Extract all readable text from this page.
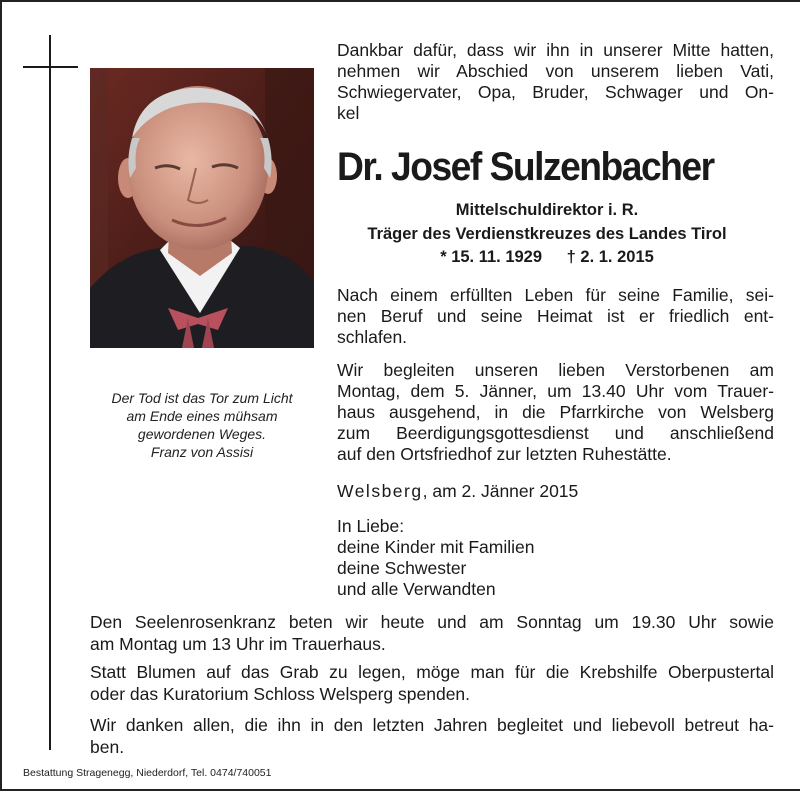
Der Tod ist das Tor zum Licht
am Ende eines mühsam
gewordenen Weges.
Franz von Assisi
Dankbar dafür, dass wir ihn in unserer Mitte hatten,
nehmen wir Abschied von unserem lieben Vati,
Schwiegervater, Opa, Bruder, Schwager und On-
kel
Dr. Josef Sulzenbacher
Mittelschuldirektor i. R.
Träger des Verdienstkreuzes des Landes Tirol
* 15. 11. 1929 † 2. 1. 2015
Nach einem erfüllten Leben für seine Familie, sei-
nen Beruf und seine Heimat ist er friedlich ent-
schlafen.
Wir begleiten unseren lieben Verstorbenen am
Montag, dem 5. Jänner, um 13.40 Uhr vom Trauer-
haus ausgehend, in die Pfarrkirche von Welsberg
zum Beerdigungsgottesdienst und anschließend
auf den Ortsfriedhof zur letzten Ruhestätte.
Welsberg, am 2. Jänner 2015
In Liebe:
deine Kinder mit Familien
deine Schwester
und alle Verwandten
Den Seelenrosenkranz beten wir heute und am Sonntag um 19.30 Uhr sowie
am Montag um 13 Uhr im Trauerhaus.
Statt Blumen auf das Grab zu legen, möge man für die Krebshilfe Oberpustertal
oder das Kuratorium Schloss Welsperg spenden.
Wir danken allen, die ihn in den letzten Jahren begleitet und liebevoll betreut ha-
ben.
Bestattung Stragenegg, Niederdorf, Tel. 0474/740051
